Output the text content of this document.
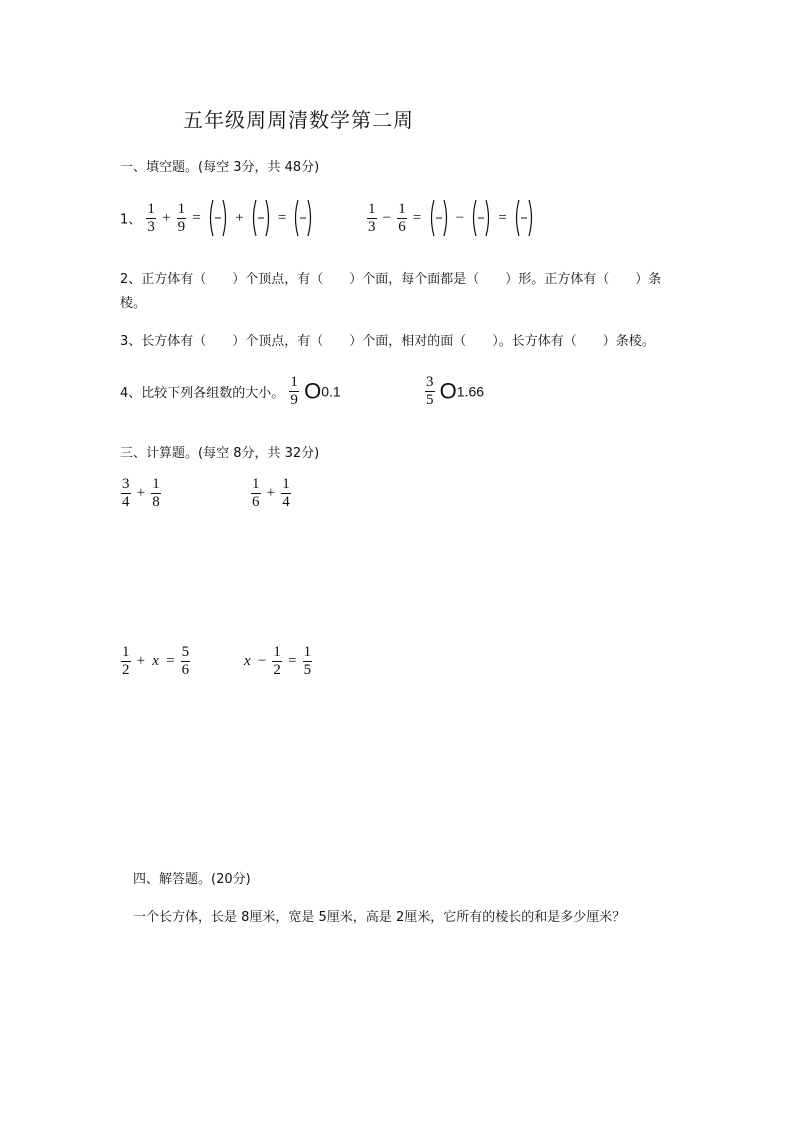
五年级周周清数学第二周
一、填空题。(每空 3分，共 48分)
1、 $\frac{1}{3} + \frac{1}{9}$ = + =	$\frac{1}{3} - \frac{1}{6}$ = − =
2、正方体有（　　）个顶点，有（　　）个面，每个面都是（　　）形。正方体有（　　）条
棱。
3、长方体有（　　）个顶点，有（　　）个面，相对的面（　　）。长方体有（　　）条棱。
4、比较下列各组数的大小。 $\frac{1}{9} O0.1$	$\frac{3}{5} O1.66$
三、计算题。(每空 8分，共 32分)
$\frac{3}{4} + \frac{1}{8}$	$\frac{1}{6} + \frac{1}{4}$
$\frac{1}{2} + x = \frac{5}{6}$	$x - \frac{1}{2} = \frac{1}{5}$
四、解答题。(20分)
一个长方体，长是 8厘米，宽是 5厘米，高是 2厘米，它所有的棱长的和是多少厘米？
